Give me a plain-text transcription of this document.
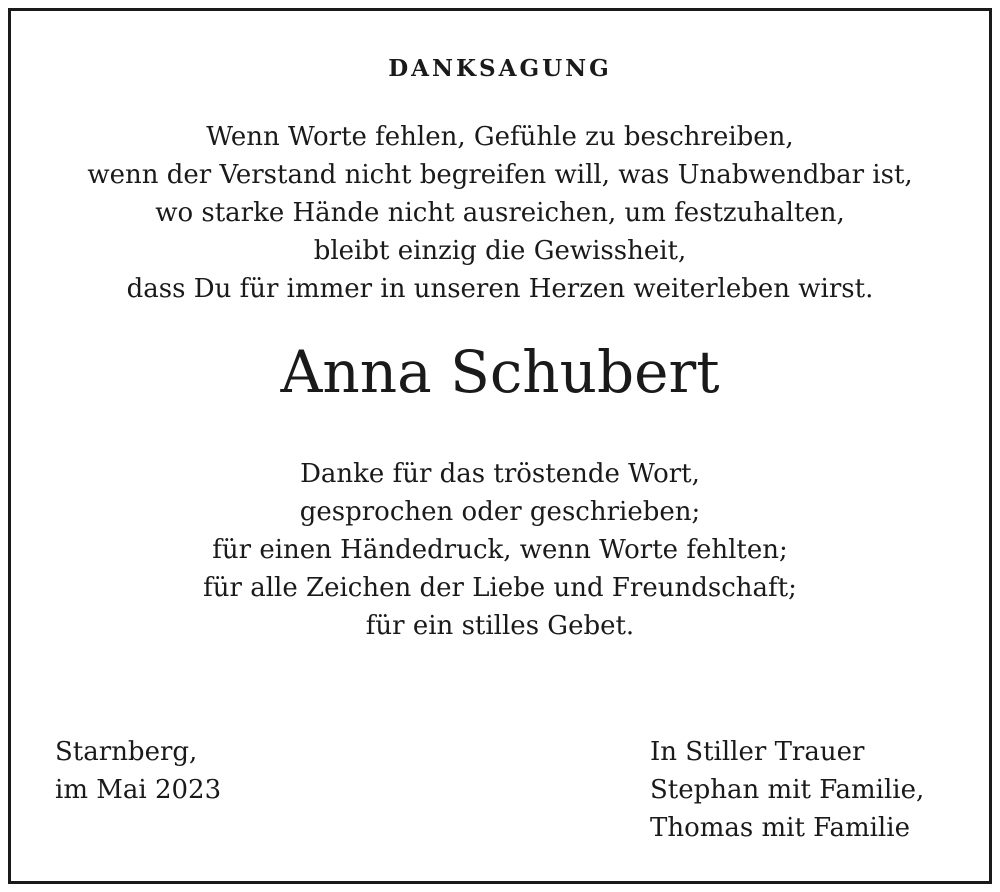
DANKSAGUNG
Wenn Worte fehlen, Gefühle zu beschreiben,
wenn der Verstand nicht begreifen will, was Unabwendbar ist,
wo starke Hände nicht ausreichen, um festzuhalten,
bleibt einzig die Gewissheit,
dass Du für immer in unseren Herzen weiterleben wirst.
Anna Schubert
Danke für das tröstende Wort,
gesprochen oder geschrieben;
für einen Händedruck, wenn Worte fehlten;
für alle Zeichen der Liebe und Freundschaft;
für ein stilles Gebet.
Starnberg,
im Mai 2023
In Stiller Trauer
Stephan mit Familie,
Thomas mit Familie
